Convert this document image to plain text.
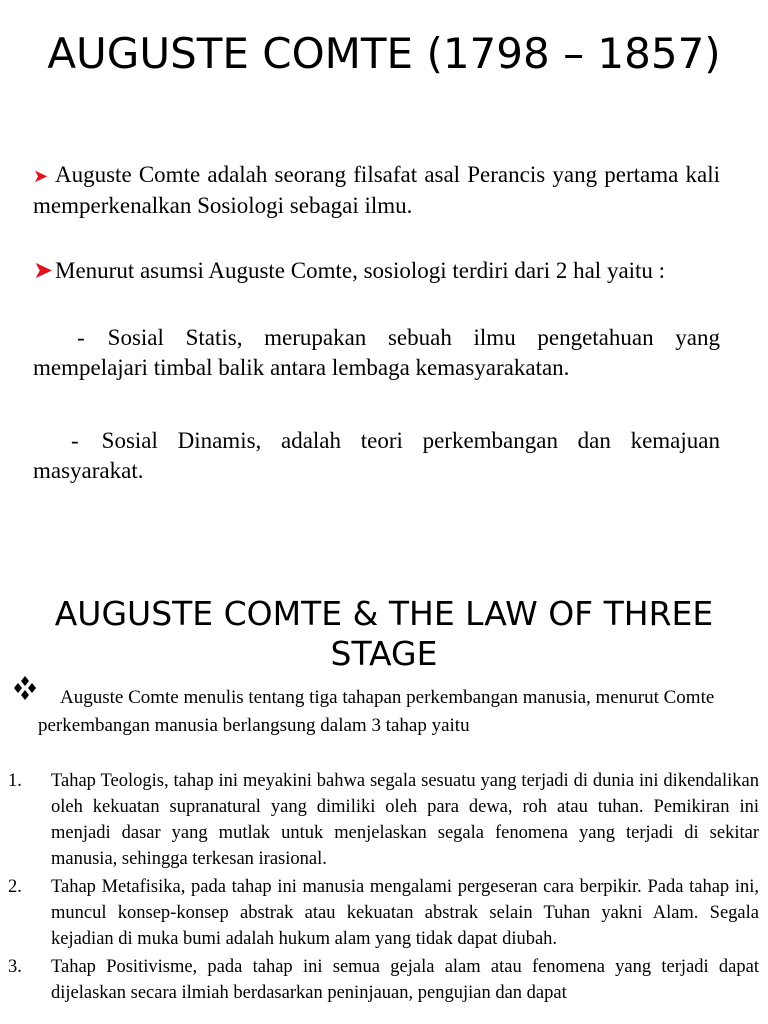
AUGUSTE COMTE (1798 – 1857)

➤ Auguste Comte adalah seorang filsafat asal Perancis yang pertama kali memperkenalkan Sosiologi sebagai ilmu.

➤Menurut asumsi Auguste Comte, sosiologi terdiri dari 2 hal yaitu :

-  Sosial Statis, merupakan sebuah ilmu pengetahuan yang mempelajari timbal balik antara lembaga kemasyarakatan.

-  Sosial Dinamis, adalah teori perkembangan dan kemajuan masyarakat.

AUGUSTE COMTE & THE LAW OF THREE STAGE

Auguste Comte menulis tentang tiga tahapan perkembangan manusia, menurut Comte perkembangan manusia berlangsung dalam 3 tahap yaitu

1. Tahap Teologis, tahap ini meyakini bahwa segala sesuatu yang terjadi di dunia ini dikendalikan oleh kekuatan supranatural yang dimiliki oleh para dewa, roh atau tuhan. Pemikiran ini menjadi dasar yang mutlak untuk menjelaskan segala fenomena yang terjadi di sekitar manusia, sehingga terkesan irasional.
2. Tahap Metafisika, pada tahap ini manusia mengalami pergeseran cara berpikir. Pada tahap ini, muncul konsep-konsep abstrak atau kekuatan abstrak selain Tuhan yakni Alam. Segala kejadian di muka bumi adalah hukum alam yang tidak dapat diubah.
3. Tahap Positivisme, pada tahap ini semua gejala alam atau fenomena yang terjadi dapat dijelaskan secara ilmiah berdasarkan peninjauan, pengujian dan dapat
